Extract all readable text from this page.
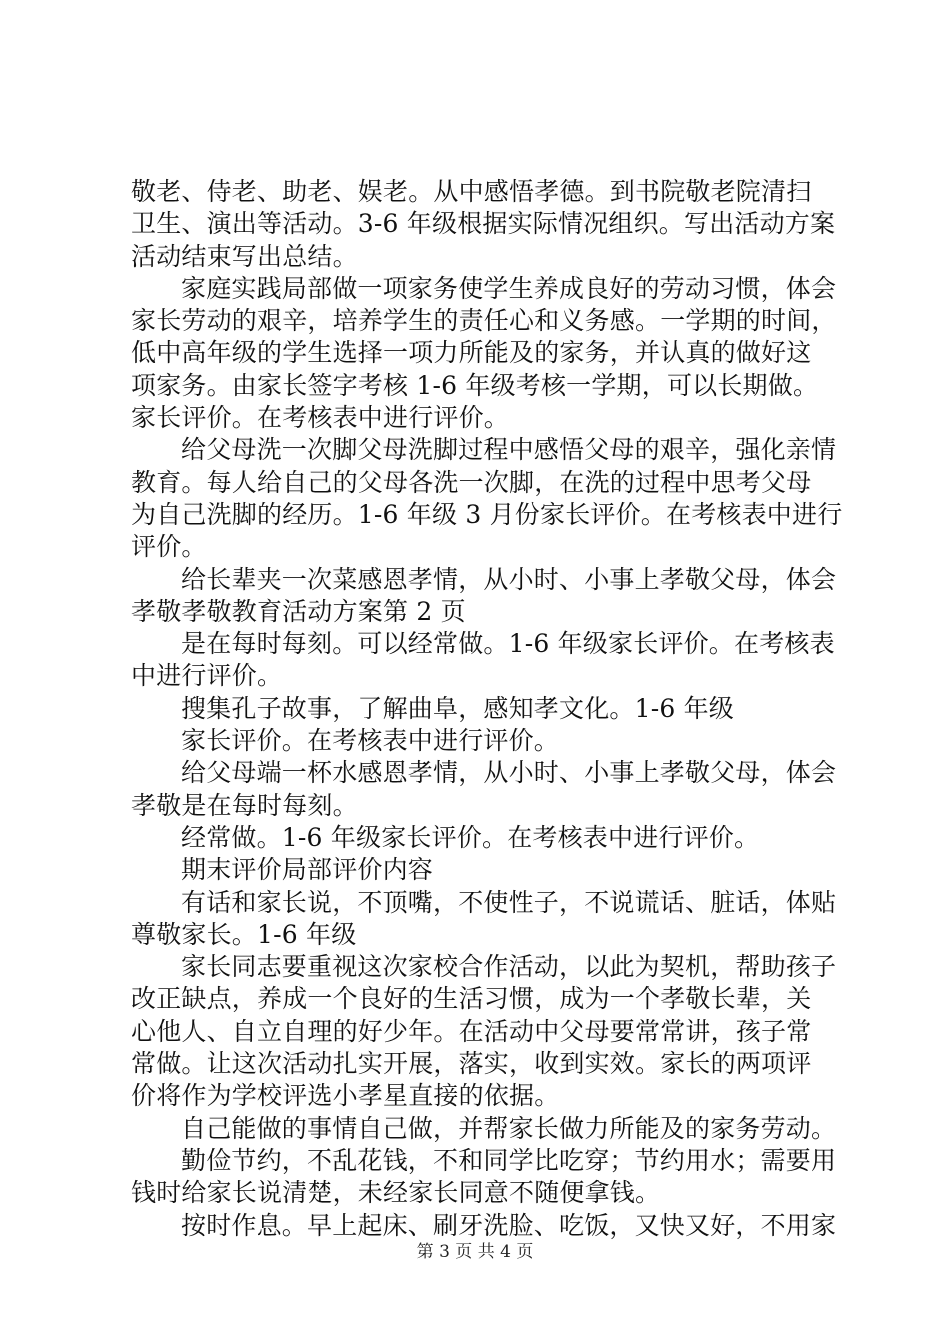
敬老、侍老、助老、娱老。从中感悟孝德。到书院敬老院清扫
卫生、演出等活动。3-6 年级根据实际情况组织。写出活动方案
活动结束写出总结。
家庭实践局部做一项家务使学生养成良好的劳动习惯，体会
家长劳动的艰辛，培养学生的责任心和义务感。一学期的时间，
低中高年级的学生选择一项力所能及的家务，并认真的做好这
项家务。由家长签字考核 1-6 年级考核一学期，可以长期做。
家长评价。在考核表中进行评价。
给父母洗一次脚父母洗脚过程中感悟父母的艰辛，强化亲情
教育。每人给自己的父母各洗一次脚，在洗的过程中思考父母
为自己洗脚的经历。1-6 年级 3 月份家长评价。在考核表中进行
评价。
给长辈夹一次菜感恩孝情，从小时、小事上孝敬父母，体会
孝敬孝敬教育活动方案第 2 页
是在每时每刻。可以经常做。1-6 年级家长评价。在考核表
中进行评价。
搜集孔子故事，了解曲阜，感知孝文化。1-6 年级
家长评价。在考核表中进行评价。
给父母端一杯水感恩孝情，从小时、小事上孝敬父母，体会
孝敬是在每时每刻。
经常做。1-6 年级家长评价。在考核表中进行评价。
期末评价局部评价内容
有话和家长说，不顶嘴，不使性子，不说谎话、脏话，体贴
尊敬家长。1-6 年级
家长同志要重视这次家校合作活动，以此为契机，帮助孩子
改正缺点，养成一个良好的生活习惯，成为一个孝敬长辈，关
心他人、自立自理的好少年。在活动中父母要常常讲，孩子常
常做。让这次活动扎实开展，落实，收到实效。家长的两项评
价将作为学校评选小孝星直接的依据。
自己能做的事情自己做，并帮家长做力所能及的家务劳动。
勤俭节约，不乱花钱，不和同学比吃穿；节约用水；需要用
钱时给家长说清楚，未经家长同意不随便拿钱。
按时作息。早上起床、刷牙洗脸、吃饭，又快又好，不用家
第 3 页 共 4 页
